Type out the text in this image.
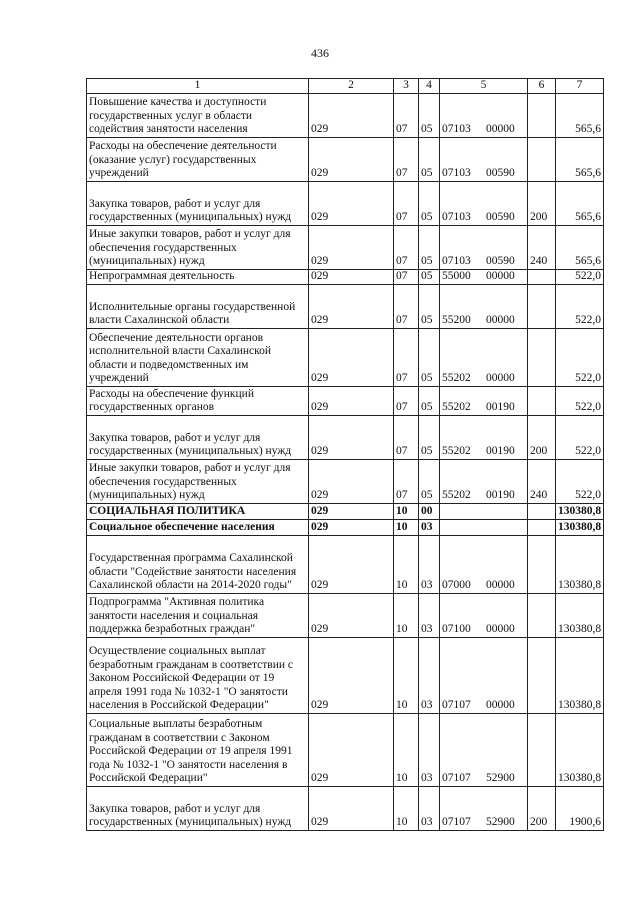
436
1	2	3	4	5	6	7
Повышение качества и доступности государственных услуг в области содействия занятости населения	029	07	05	07103 00000		565,6
Расходы на обеспечение деятельности (оказание услуг) государственных учреждений	029	07	05	07103 00590		565,6
Закупка товаров, работ и услуг для государственных (муниципальных) нужд	029	07	05	07103 00590	200	565,6
Иные закупки товаров, работ и услуг для обеспечения государственных (муниципальных) нужд	029	07	05	07103 00590	240	565,6
Непрограммная деятельность	029	07	05	55000 00000		522,0
Исполнительные органы государственной власти Сахалинской области	029	07	05	55200 00000		522,0
Обеспечение деятельности органов исполнительной власти Сахалинской области и подведомственных им учреждений	029	07	05	55202 00000		522,0
Расходы на обеспечение функций государственных органов	029	07	05	55202 00190		522,0
Закупка товаров, работ и услуг для государственных (муниципальных) нужд	029	07	05	55202 00190	200	522,0
Иные закупки товаров, работ и услуг для обеспечения государственных (муниципальных) нужд	029	07	05	55202 00190	240	522,0
СОЦИАЛЬНАЯ ПОЛИТИКА	029	10	00			130380,8
Социальное обеспечение населения	029	10	03			130380,8
Государственная программа Сахалинской области "Содействие занятости населения Сахалинской области на 2014-2020 годы"	029	10	03	07000 00000		130380,8
Подпрограмма "Активная политика занятости населения и социальная поддержка безработных граждан"	029	10	03	07100 00000		130380,8
Осуществление социальных выплат безработным гражданам в соответствии с Законом Российской Федерации от 19 апреля 1991 года № 1032-1 "О занятости населения в Российской Федерации"	029	10	03	07107 00000		130380,8
Социальные выплаты безработным гражданам в соответствии с Законом Российской Федерации от 19 апреля 1991 года № 1032-1 "О занятости населения в Российской Федерации"	029	10	03	07107 52900		130380,8
Закупка товаров, работ и услуг для государственных (муниципальных) нужд	029	10	03	07107 52900	200	1900,6
